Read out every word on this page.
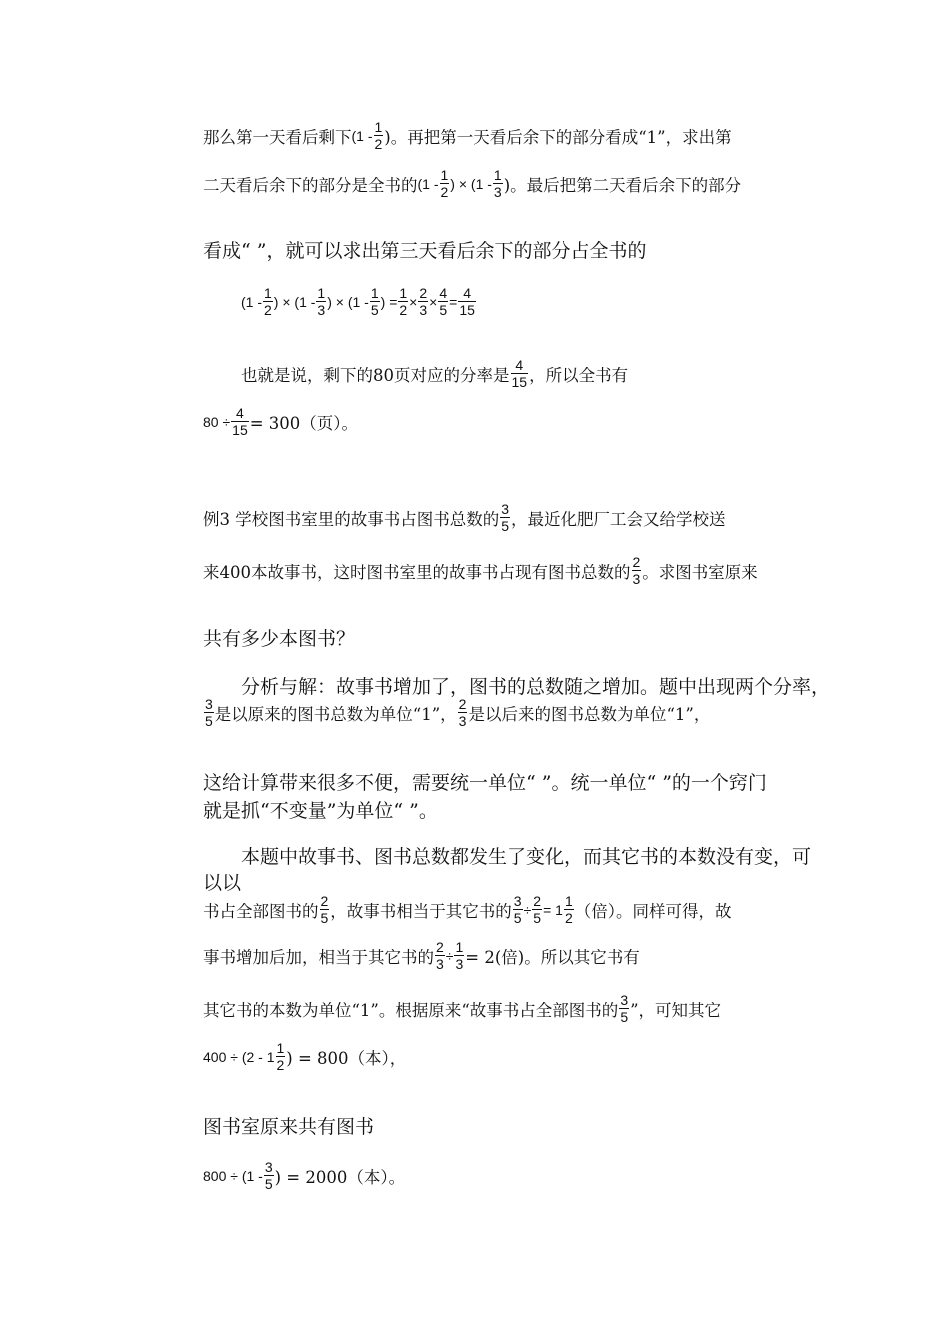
那么第一天看后剩下 ($1 - \frac{1}{2}$ )。再把第一天看后余下的部分看成“1”，求出第
二天看后余下的部分是全书的 ($1 - \frac{1}{2}$ ) × ($1 - \frac{1}{3}$ )。最后把第二天看后余下的部分
看成“ ”，就可以求出第三天看后余下的部分占全书的
($1 - \frac{1}{2}$ ) × ($1 - \frac{1}{3}$ ) × ($1 - \frac{1}{5}$ ) = $\frac{1}{2} \times \frac{2}{3} \times \frac{4}{5} = \frac{4}{15}$
也就是说，剩下的80页对应的分率是 $\frac{4}{15}$ ，所以全书有
$80 \div \frac{4}{15} = 300$（页）。
例3 学校图书室里的故事书占图书总数的 $\frac{3}{5}$ ，最近化肥厂工会又给学校送
来400本故事书，这时图书室里的故事书占现有图书总数的 $\frac{2}{3}$ 。求图书室原来
共有多少本图书？
分析与解：故事书增加了，图书的总数随之增加。题中出现两个分率，
$\frac{3}{5}$ 是以原来的图书总数为单位“1”， $\frac{2}{3}$ 是以后来的图书总数为单位“1”，
这给计算带来很多不便，需要统一单位“ ”。统一单位“ ”的一个窍门
就是抓“不变量”为单位“ ”。
本题中故事书、图书总数都发生了变化，而其它书的本数没有变，可
以以
书占全部图书的 $\frac{2}{5}$ ，故事书相当于其它书的 $\frac{3}{5} \div \frac{2}{5} = 1 \frac{1}{2}$ （倍）。同样可得，故
事书增加后加，相当于其它书的 $\frac{2}{3} \div \frac{1}{3} = 2$(倍)。所以其它书有
其它书的本数为单位“1”。根据原来“故事书占全部图书的 $\frac{3}{5}$ ”，可知其它
$400 \div (2 - 1 \frac{1}{2}$ ) = 800（本），
图书室原来共有图书
$800 \div (1 - \frac{3}{5}$ ) = 2000（本）。
